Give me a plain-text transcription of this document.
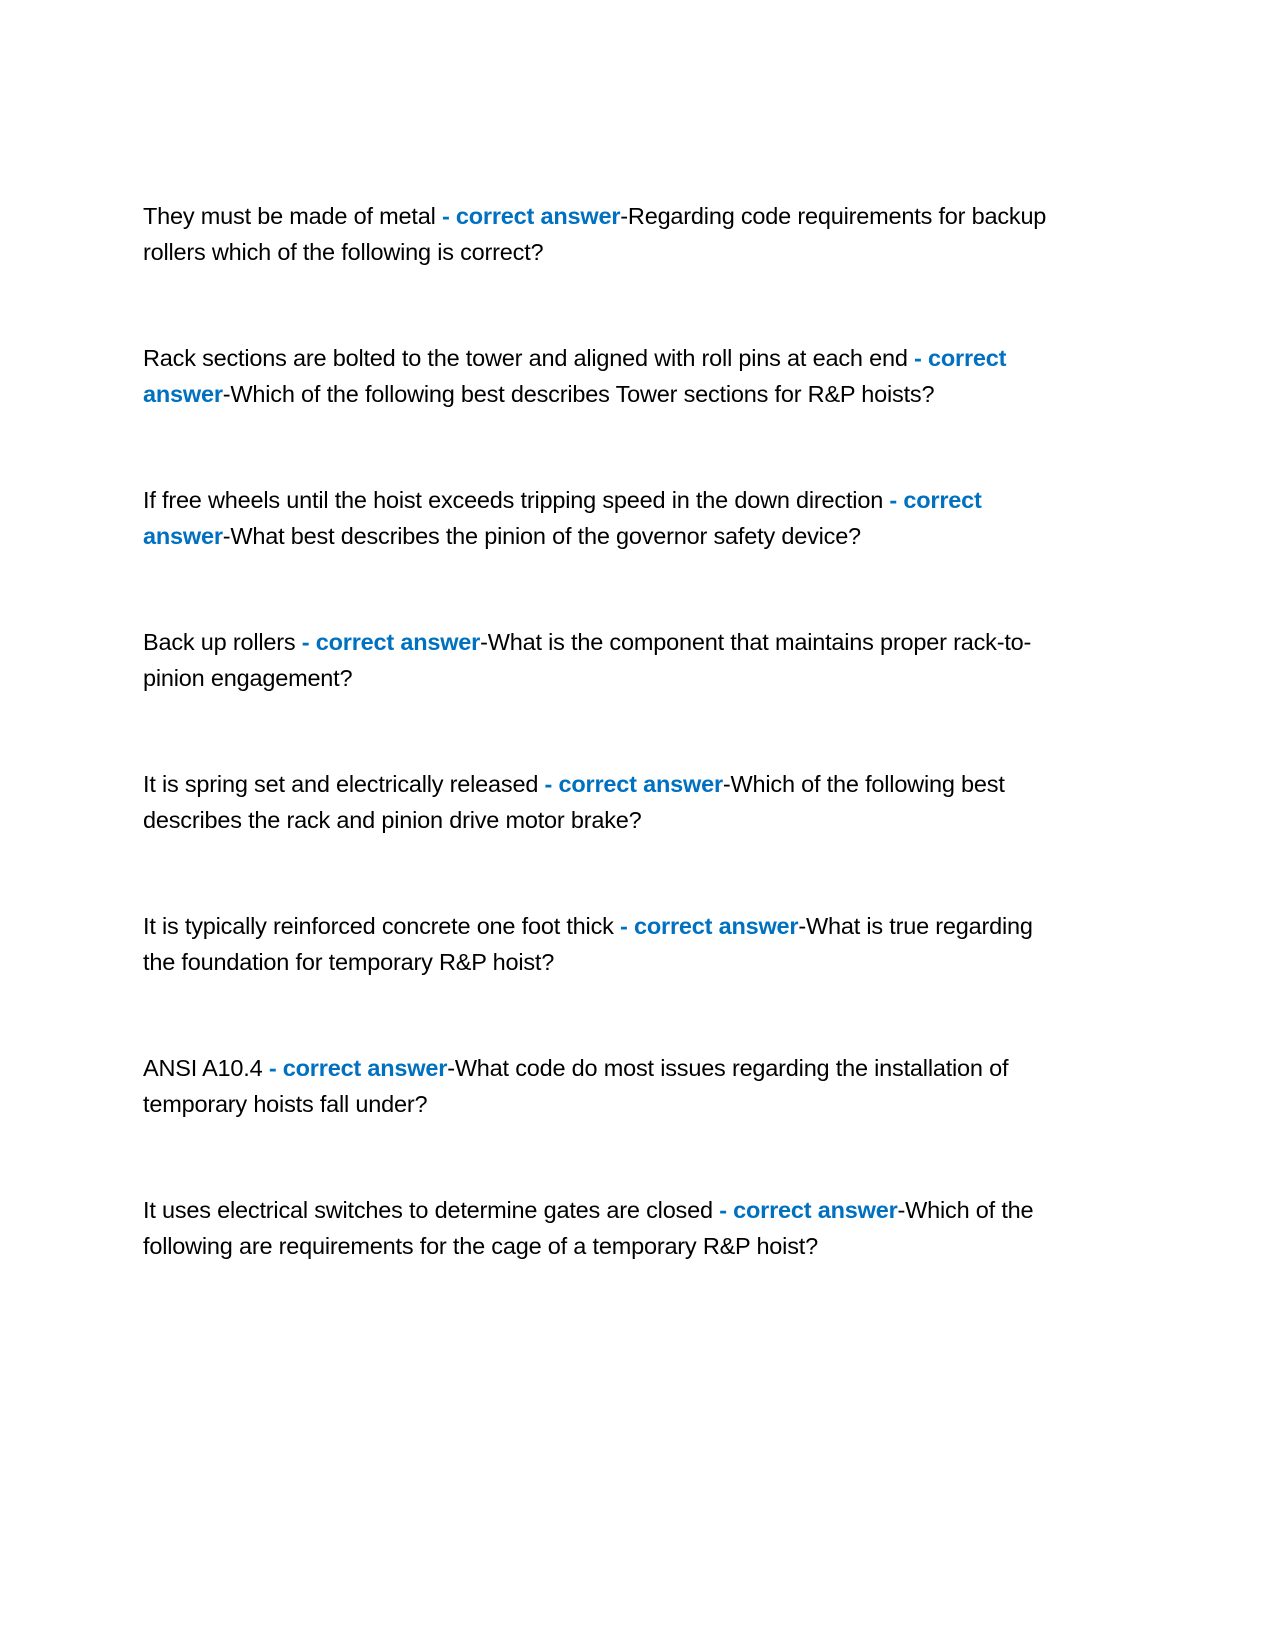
They must be made of metal - correct answer-Regarding code requirements for backup rollers which of the following is correct?

Rack sections are bolted to the tower and aligned with roll pins at each end - correct answer-Which of the following best describes Tower sections for R&P hoists?

If free wheels until the hoist exceeds tripping speed in the down direction - correct answer-What best describes the pinion of the governor safety device?

Back up rollers - correct answer-What is the component that maintains proper rack-to-pinion engagement?

It is spring set and electrically released - correct answer-Which of the following best describes the rack and pinion drive motor brake?

It is typically reinforced concrete one foot thick - correct answer-What is true regarding the foundation for temporary R&P hoist?

ANSI A10.4 - correct answer-What code do most issues regarding the installation of temporary hoists fall under?

It uses electrical switches to determine gates are closed - correct answer-Which of the following are requirements for the cage of a temporary R&P hoist?
